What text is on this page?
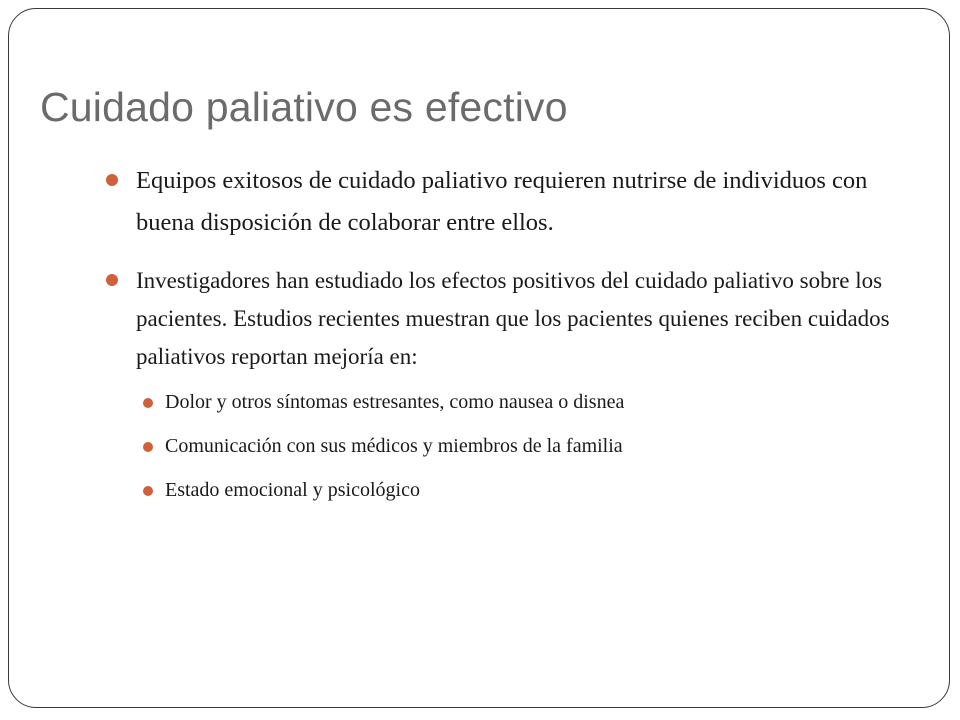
Cuidado paliativo es efectivo
Equipos exitosos de cuidado paliativo requieren nutrirse de individuos con buena disposición de colaborar entre ellos.
Investigadores han estudiado los efectos positivos del cuidado paliativo sobre los pacientes. Estudios recientes muestran que los pacientes quienes reciben cuidados paliativos reportan mejoría en:
Dolor y otros síntomas estresantes, como nausea o disnea
Comunicación con sus médicos y miembros de la familia
Estado emocional y psicológico
